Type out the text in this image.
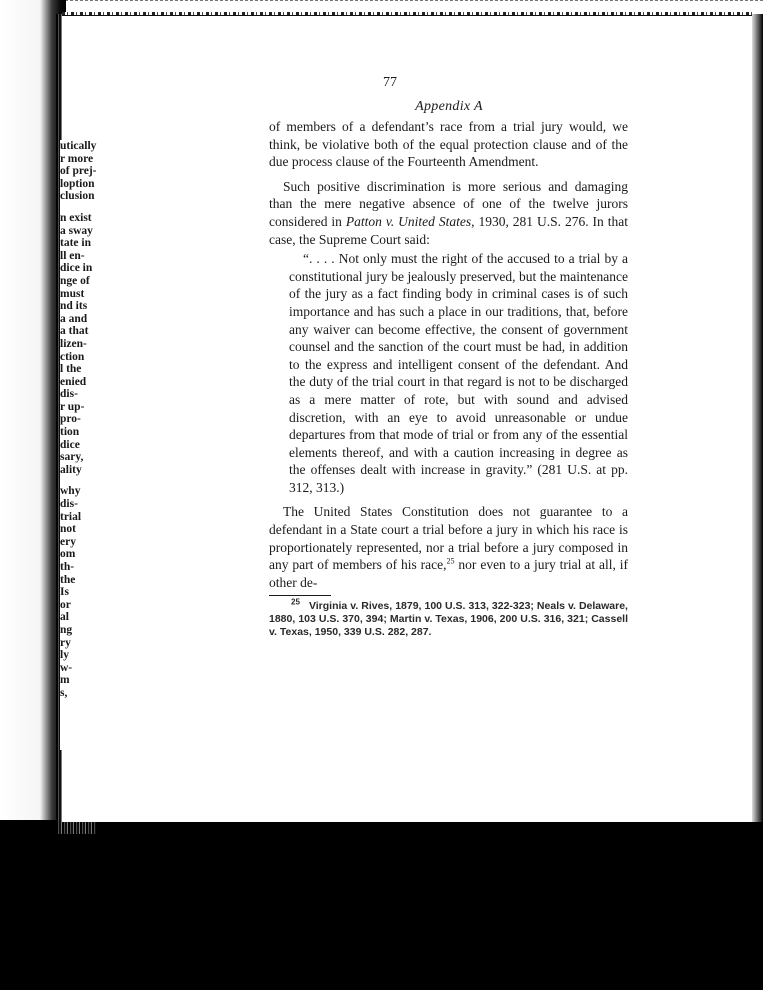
utically
r more
of prej-
loption
clusion
n exist
a sway
tate in
ll en-
dice in
nge of
must
nd its
a and
a that
lizen-
ction
l the
enied
dis-
r up-
pro-
tion
dice
sary,
ality
why
dis-
trial
not
ery
om
th-
the
Is
or
al
ng
ry
ly
w-
m
s,
77
Appendix A

of members of a defendant’s race from a trial jury would, we think, be violative both of the equal protection clause and of the due process clause of the Fourteenth Amendment.

Such positive discrimination is more serious and damaging than the mere negative absence of one of the twelve jurors considered in Patton v. United States, 1930, 281 U.S. 276. In that case, the Supreme Court said:

“. . . . Not only must the right of the accused to a trial by a constitutional jury be jealously preserved, but the maintenance of the jury as a fact finding body in criminal cases is of such importance and has such a place in our traditions, that, before any waiver can become effective, the consent of government counsel and the sanction of the court must be had, in addition to the express and intelligent consent of the defendant. And the duty of the trial court in that regard is not to be discharged as a mere matter of rote, but with sound and advised discretion, with an eye to avoid unreasonable or undue departures from that mode of trial or from any of the essential elements thereof, and with a caution increasing in degree as the offenses dealt with increase in gravity.” (281 U.S. at pp. 312, 313.)

The United States Constitution does not guarantee to a defendant in a State court a trial before a jury in which his race is proportionately represented, nor a trial before a jury composed in any part of members of his race,$^{25}$ nor even to a jury trial at all, if other de-

$^{25}$ Virginia v. Rives, 1879, 100 U.S. 313, 322-323; Neals v. Delaware, 1880, 103 U.S. 370, 394; Martin v. Texas, 1906, 200 U.S. 316, 321; Cassell v. Texas, 1950, 339 U.S. 282, 287.
